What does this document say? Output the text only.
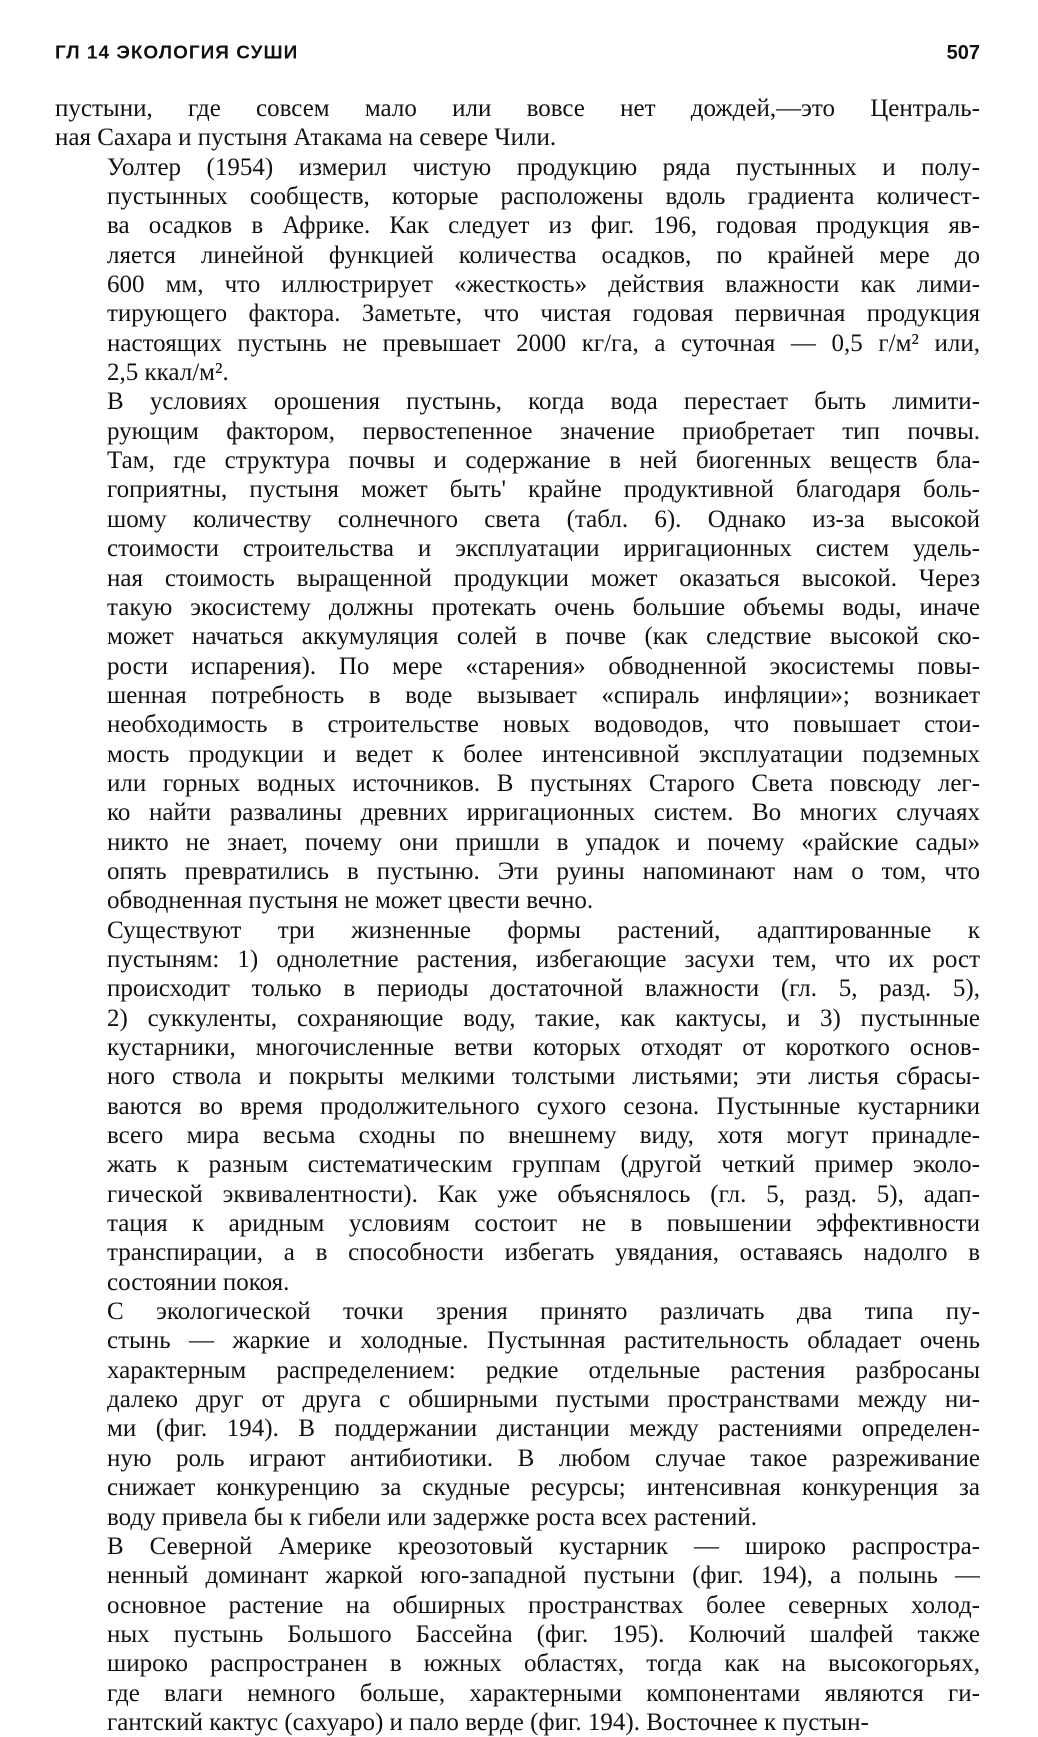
ГЛ 14 ЭКОЛОГИЯ СУШИ	507

пустыни, где совсем мало или вовсе нет дождей,—это Централь-
ная Сахара и пустыня Атакама на севере Чили.

Уолтер (1954) измерил чистую продукцию ряда пустынных и полу-
пустынных сообществ, которые расположены вдоль градиента количест-
ва осадков в Африке. Как следует из фиг. 196, годовая продукция яв-
ляется линейной функцией количества осадков, по крайней мере до
600 мм, что иллюстрирует «жесткость» действия влажности как лими-
тирующего фактора. Заметьте, что чистая годовая первичная продукция
настоящих пустынь не превышает 2000 кг/га, а суточная — 0,5 г/м² или,
2,5 ккал/м².

В условиях орошения пустынь, когда вода перестает быть лимити-
рующим фактором, первостепенное значение приобретает тип почвы.
Там, где структура почвы и содержание в ней биогенных веществ бла-
гоприятны, пустыня может быть' крайне продуктивной благодаря боль-
шому количеству солнечного света (табл. 6). Однако из-за высокой
стоимости строительства и эксплуатации ирригационных систем удель-
ная стоимость выращенной продукции может оказаться высокой. Через
такую экосистему должны протекать очень большие объемы воды, иначе
может начаться аккумуляция солей в почве (как следствие высокой ско-
рости испарения). По мере «старения» обводненной экосистемы повы-
шенная потребность в воде вызывает «спираль инфляции»; возникает
необходимость в строительстве новых водоводов, что повышает стои-
мость продукции и ведет к более интенсивной эксплуатации подземных
или горных водных источников. В пустынях Старого Света повсюду лег-
ко найти развалины древних ирригационных систем. Во многих случаях
никто не знает, почему они пришли в упадок и почему «райские сады»
опять превратились в пустыню. Эти руины напоминают нам о том, что
обводненная пустыня не может цвести вечно.

Существуют три жизненные формы растений, адаптированные к
пустыням: 1) однолетние растения, избегающие засухи тем, что их рост
происходит только в периоды достаточной влажности (гл. 5, разд. 5),
2) суккуленты, сохраняющие воду, такие, как кактусы, и 3) пустынные
кустарники, многочисленные ветви которых отходят от короткого основ-
ного ствола и покрыты мелкими толстыми листьями; эти листья сбрасы-
ваются во время продолжительного сухого сезона. Пустынные кустарники
всего мира весьма сходны по внешнему виду, хотя могут принадле-
жать к разным систематическим группам (другой четкий пример эколо-
гической эквивалентности). Как уже объяснялось (гл. 5, разд. 5), адап-
тация к аридным условиям состоит не в повышении эффективности
транспирации, а в способности избегать увядания, оставаясь надолго в
состоянии покоя.

С экологической точки зрения принято различать два типа пу-
стынь — жаркие и холодные. Пустынная растительность обладает очень
характерным распределением: редкие отдельные растения разбросаны
далеко друг от друга с обширными пустыми пространствами между ни-
ми (фиг. 194). В поддержании дистанции между растениями определен-
ную роль играют антибиотики. В любом случае такое разреживание
снижает конкуренцию за скудные ресурсы; интенсивная конкуренция за
воду привела бы к гибели или задержке роста всех растений.

В Северной Америке креозотовый кустарник — широко распростра-
ненный доминант жаркой юго-западной пустыни (фиг. 194), а полынь —
основное растение на обширных пространствах более северных холод-
ных пустынь Большого Бассейна (фиг. 195). Колючий шалфей также
широко распространен в южных областях, тогда как на высокогорьях,
где влаги немного больше, характерными компонентами являются ги-
гантский кактус (сахуаро) и пало верде (фиг. 194). Восточнее к пустын-
